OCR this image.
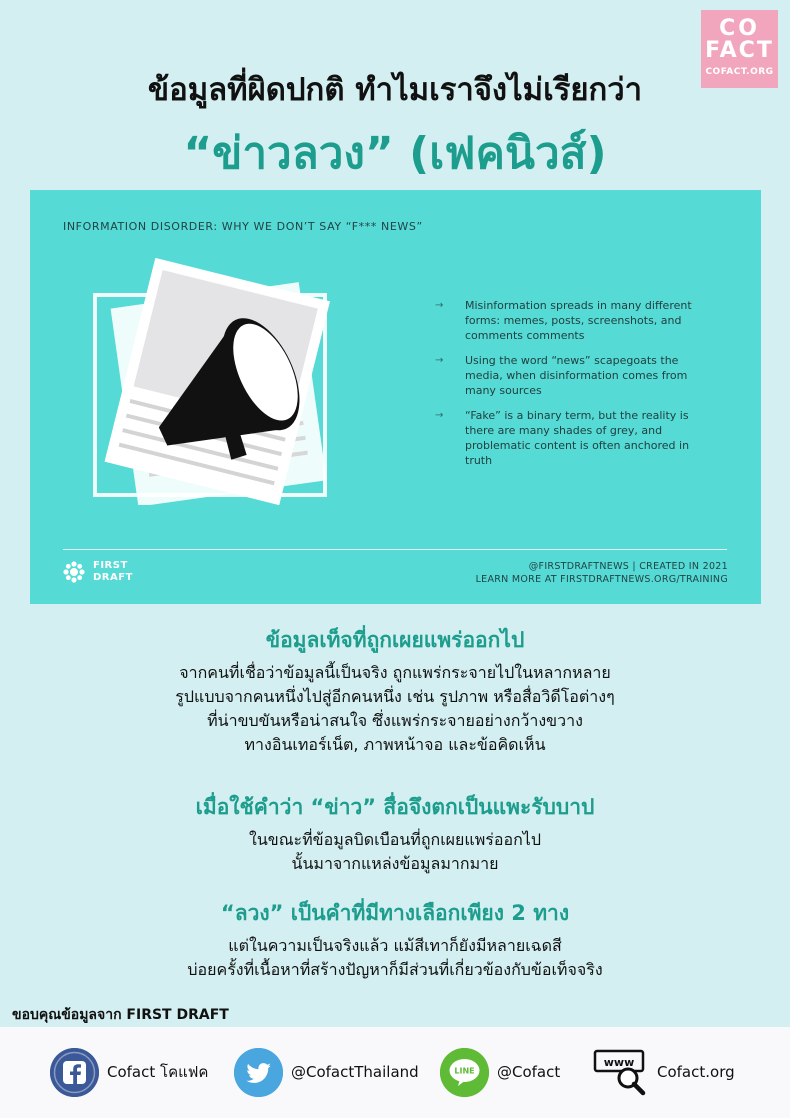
CO
FACT
COFACT.ORG
ข้อมูลที่ผิดปกติ ทำไมเราจึงไม่เรียกว่า
“ข่าวลวง” (เฟคนิวส์)
INFORMATION DISORDER: WHY WE DON’T SAY “F*** NEWS”
→ Misinformation spreads in many different forms: memes, posts, screenshots, and comments comments
→ Using the word “news” scapegoats the media, when disinformation comes from many sources
→ “Fake” is a binary term, but the reality is there are many shades of grey, and problematic content is often anchored in truth
FIRST
DRAFT
@FIRSTDRAFTNEWS | CREATED IN 2021
LEARN MORE AT FIRSTDRAFTNEWS.ORG/TRAINING
ข้อมูลเท็จที่ถูกเผยแพร่ออกไป

จากคนที่เชื่อว่าข้อมูลนี้เป็นจริง ถูกแพร่กระจายไปในหลากหลาย

รูปแบบจากคนหนึ่งไปสู่อีกคนหนึ่ง เช่น รูปภาพ หรือสื่อวิดีโอต่างๆ

ที่น่าขบขันหรือน่าสนใจ ซึ่งแพร่กระจายอย่างกว้างขวาง

ทางอินเทอร์เน็ต, ภาพหน้าจอ และข้อคิดเห็น

เมื่อใช้คำว่า “ข่าว” สื่อจึงตกเป็นแพะรับบาป

ในขณะที่ข้อมูลบิดเบือนที่ถูกเผยแพร่ออกไป

นั้นมาจากแหล่งข้อมูลมากมาย

“ลวง” เป็นคำที่มีทางเลือกเพียง 2 ทาง

แต่ในความเป็นจริงแล้ว แม้สีเทาก็ยังมีหลายเฉดสี

บ่อยครั้งที่เนื้อหาที่สร้างปัญหาก็มีส่วนที่เกี่ยวข้องกับข้อเท็จจริง

ขอบคุณข้อมูลจาก FIRST DRAFT
Cofact โคแฟค	@CofactThailand	LINE @Cofact
www
Cofact.org
